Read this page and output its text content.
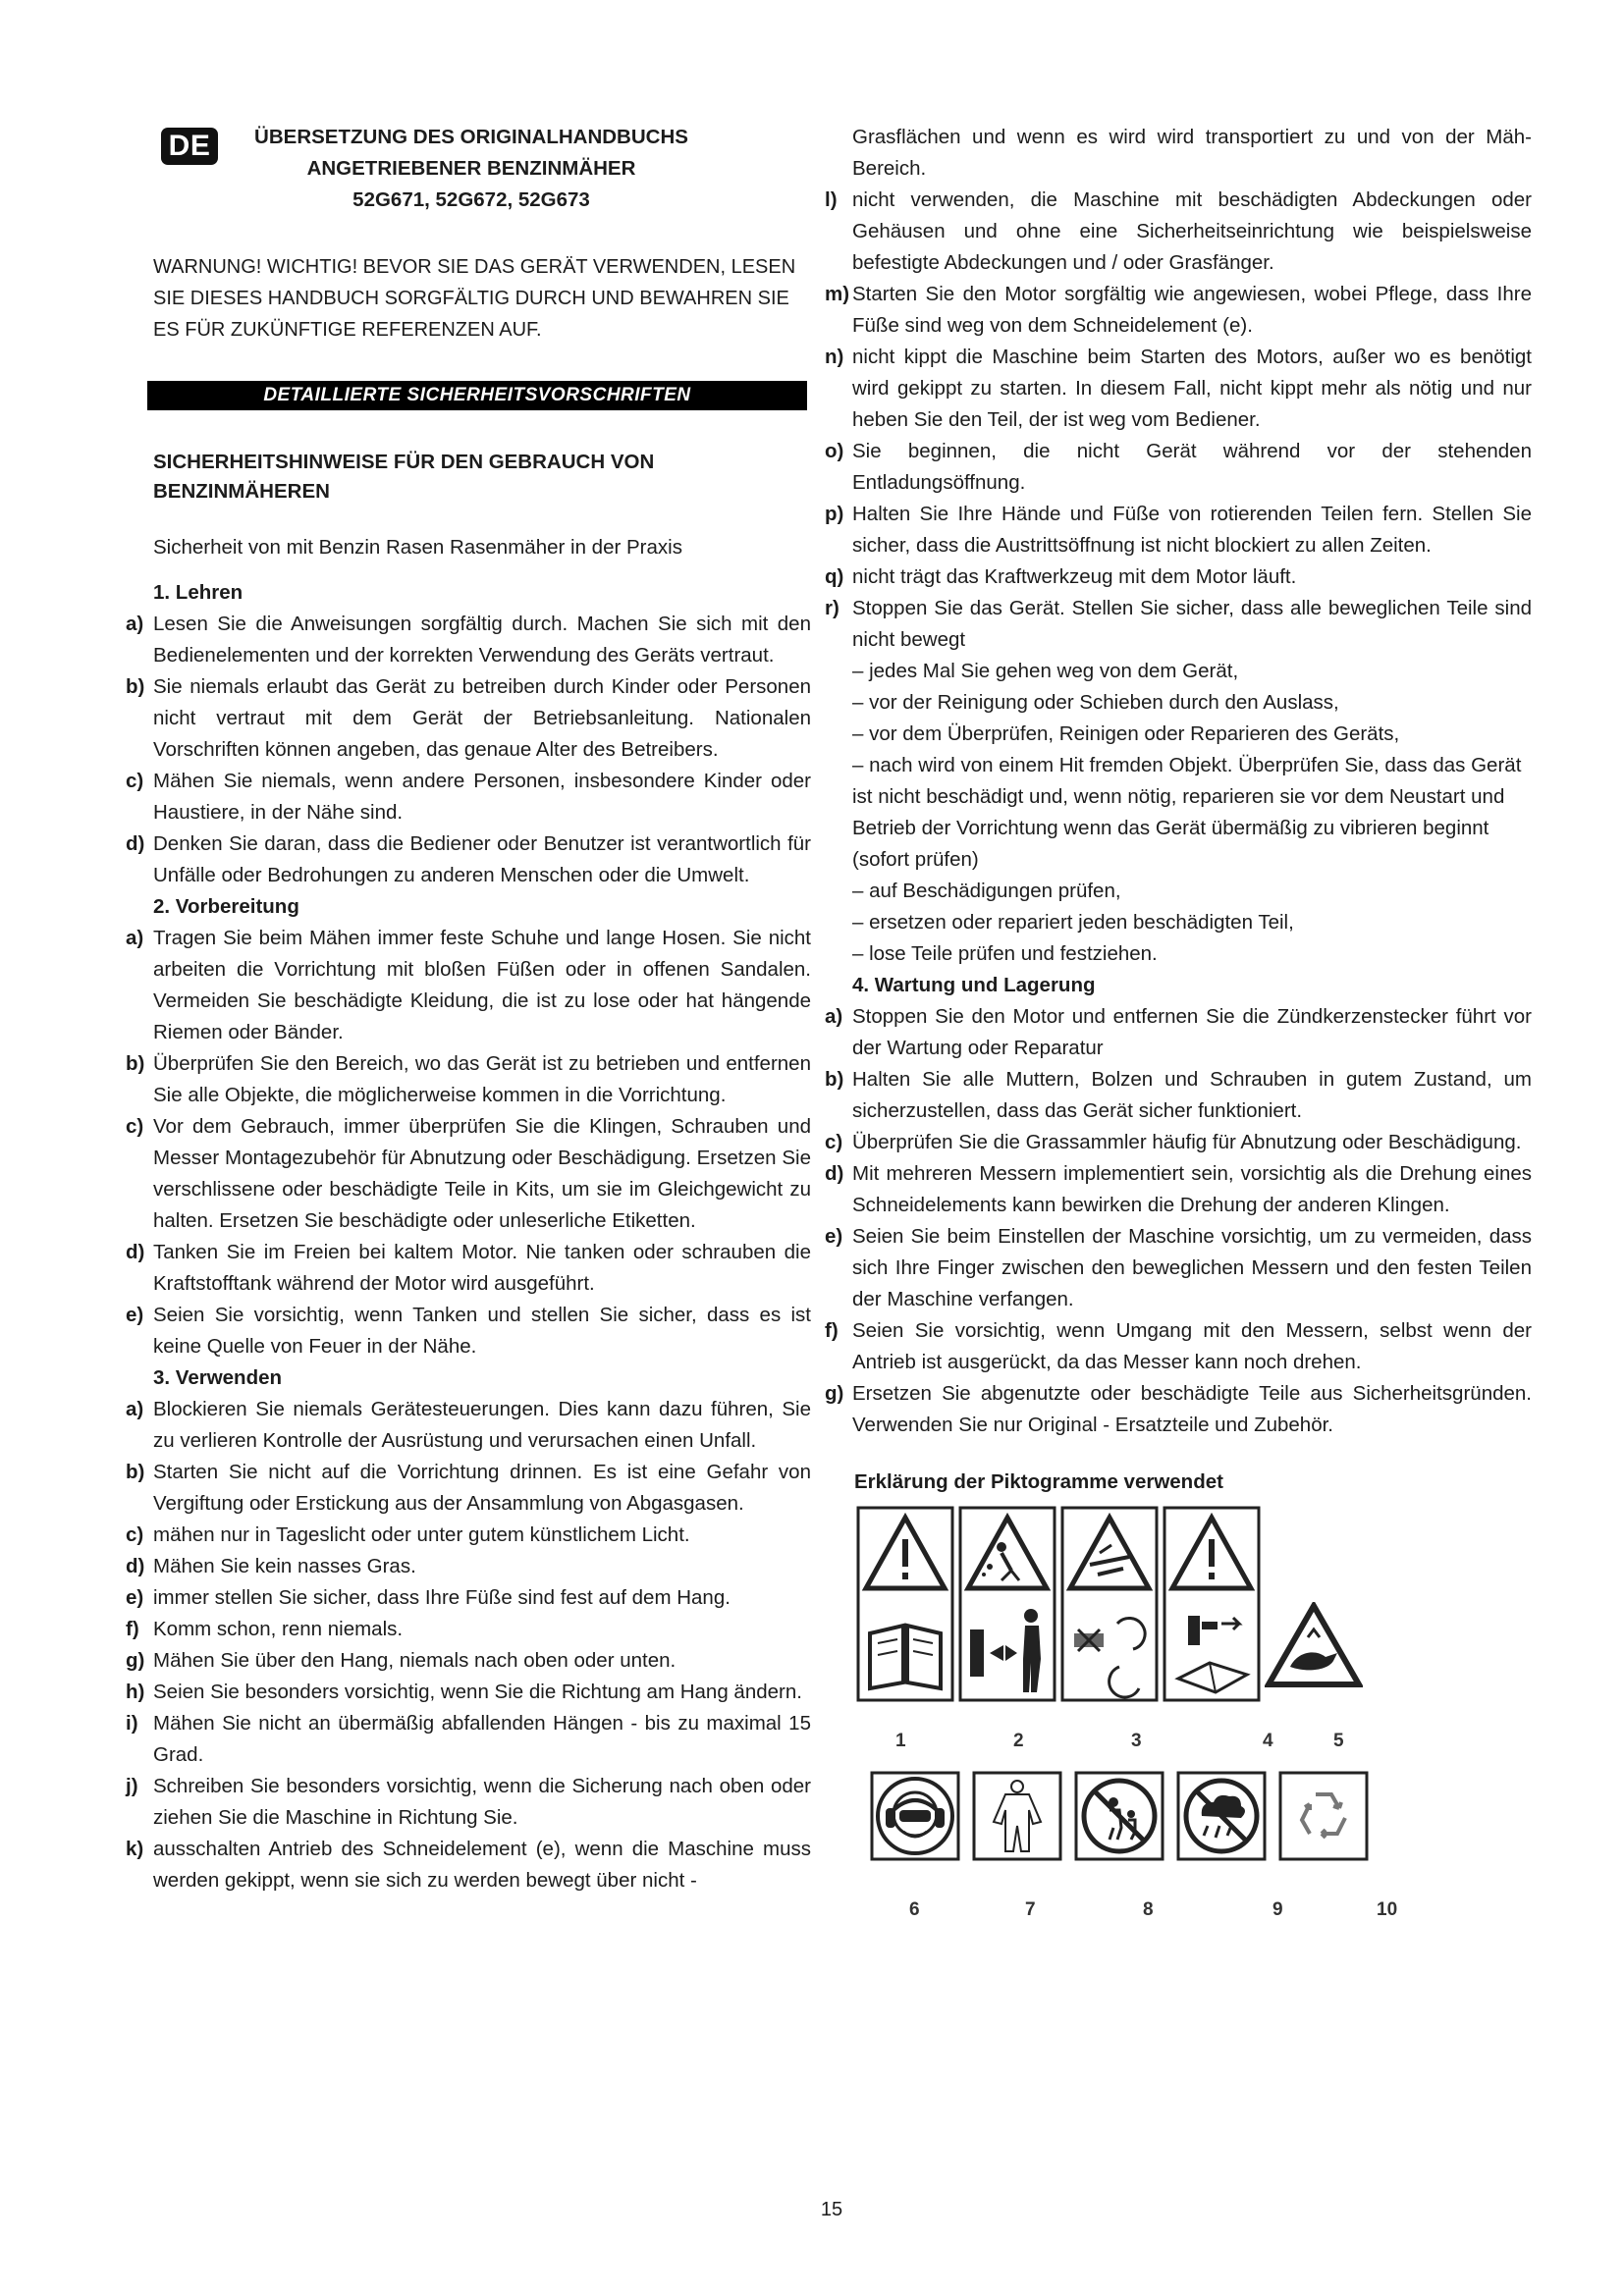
DE	ÜBERSETZUNG DES ORIGINALHANDBUCHS
ANGETRIEBENER BENZINMÄHER
52G671, 52G672, 52G673
WARNUNG! WICHTIG! BEVOR SIE DAS GERÄT VERWENDEN, LESEN SIE DIESES HANDBUCH SORGFÄLTIG DURCH UND BEWAHREN SIE ES FÜR ZUKÜNFTIGE REFERENZEN AUF.
DETAILLIERTE SICHERHEITSVORSCHRIFTEN
SICHERHEITSHINWEISE FÜR DEN GEBRAUCH VON BENZINMÄHEREN
Sicherheit von mit Benzin Rasen Rasenmäher in der Praxis
1. Lehren
a) Lesen Sie die Anweisungen sorgfältig durch. Machen Sie sich mit den Bedienelementen und der korrekten Verwendung des Geräts vertraut.
b) Sie niemals erlaubt das Gerät zu betreiben durch Kinder oder Personen nicht vertraut mit dem Gerät der Betriebsanleitung. Nationalen Vorschriften können angeben, das genaue Alter des Betreibers.
c) Mähen Sie niemals, wenn andere Personen, insbesondere Kinder oder Haustiere, in der Nähe sind.
d) Denken Sie daran, dass die Bediener oder Benutzer ist verantwortlich für Unfälle oder Bedrohungen zu anderen Menschen oder die Umwelt.
2. Vorbereitung
a) Tragen Sie beim Mähen immer feste Schuhe und lange Hosen. Sie nicht arbeiten die Vorrichtung mit bloßen Füßen oder in offenen Sandalen. Vermeiden Sie beschädigte Kleidung, die ist zu lose oder hat hängende Riemen oder Bänder.
b) Überprüfen Sie den Bereich, wo das Gerät ist zu betrieben und entfernen Sie alle Objekte, die möglicherweise kommen in die Vorrichtung.
c) Vor dem Gebrauch, immer überprüfen Sie die Klingen, Schrauben und Messer Montagezubehör für Abnutzung oder Beschädigung. Ersetzen Sie verschlissene oder beschädigte Teile in Kits, um sie im Gleichgewicht zu halten. Ersetzen Sie beschädigte oder unleserliche Etiketten.
d) Tanken Sie im Freien bei kaltem Motor. Nie tanken oder schrauben die Kraftstofftank während der Motor wird ausgeführt.
e) Seien Sie vorsichtig, wenn Tanken und stellen Sie sicher, dass es ist keine Quelle von Feuer in der Nähe.
3. Verwenden
a) Blockieren Sie niemals Gerätesteuerungen. Dies kann dazu führen, Sie zu verlieren Kontrolle der Ausrüstung und verursachen einen Unfall.
b) Starten Sie nicht auf die Vorrichtung drinnen. Es ist eine Gefahr von Vergiftung oder Erstickung aus der Ansammlung von Abgasgasen.
c) mähen nur in Tageslicht oder unter gutem künstlichem Licht.
d) Mähen Sie kein nasses Gras.
e) immer stellen Sie sicher, dass Ihre Füße sind fest auf dem Hang.
f) Komm schon, renn niemals.
g) Mähen Sie über den Hang, niemals nach oben oder unten.
h) Seien Sie besonders vorsichtig, wenn Sie die Richtung am Hang ändern.
i) Mähen Sie nicht an übermäßig abfallenden Hängen - bis zu maximal 15 Grad.
j) Schreiben Sie besonders vorsichtig, wenn die Sicherung nach oben oder ziehen Sie die Maschine in Richtung Sie.
k) ausschalten Antrieb des Schneidelement (e), wenn die Maschine muss werden gekippt, wenn sie sich zu werden bewegt über nicht -
Grasflächen und wenn es wird wird transportiert zu und von der Mäh- Bereich.
l) nicht verwenden, die Maschine mit beschädigten Abdeckungen oder Gehäusen und ohne eine Sicherheitseinrichtung wie beispielsweise befestigte Abdeckungen und / oder Grasfänger.
m) Starten Sie den Motor sorgfältig wie angewiesen, wobei Pflege, dass Ihre Füße sind weg von dem Schneidelement (e).
n) nicht kippt die Maschine beim Starten des Motors, außer wo es benötigt wird gekippt zu starten. In diesem Fall, nicht kippt mehr als nötig und nur heben Sie den Teil, der ist weg vom Bediener.
o) Sie beginnen, die nicht Gerät während vor der stehenden Entladungsöffnung.
p) Halten Sie Ihre Hände und Füße von rotierenden Teilen fern. Stellen Sie sicher, dass die Austrittsöffnung ist nicht blockiert zu allen Zeiten.
q) nicht trägt das Kraftwerkzeug mit dem Motor läuft.
r) Stoppen Sie das Gerät. Stellen Sie sicher, dass alle beweglichen Teile sind nicht bewegt
– jedes Mal Sie gehen weg von dem Gerät,
– vor der Reinigung oder Schieben durch den Auslass,
– vor dem Überprüfen, Reinigen oder Reparieren des Geräts,
– nach wird von einem Hit fremden Objekt. Überprüfen Sie, dass das Gerät ist nicht beschädigt und, wenn nötig, reparieren sie vor dem Neustart und Betrieb der Vorrichtung wenn das Gerät übermäßig zu vibrieren beginnt (sofort prüfen)
– auf Beschädigungen prüfen,
– ersetzen oder repariert jeden beschädigten Teil,
– lose Teile prüfen und festziehen.
4. Wartung und Lagerung
a) Stoppen Sie den Motor und entfernen Sie die Zündkerzenstecker führt vor der Wartung oder Reparatur
b) Halten Sie alle Muttern, Bolzen und Schrauben in gutem Zustand, um sicherzustellen, dass das Gerät sicher funktioniert.
c) Überprüfen Sie die Grassammler häufig für Abnutzung oder Beschädigung.
d) Mit mehreren Messern implementiert sein, vorsichtig als die Drehung eines Schneidelements kann bewirken die Drehung der anderen Klingen.
e) Seien Sie beim Einstellen der Maschine vorsichtig, um zu vermeiden, dass sich Ihre Finger zwischen den beweglichen Messern und den festen Teilen der Maschine verfangen.
f) Seien Sie vorsichtig, wenn Umgang mit den Messern, selbst wenn der Antrieb ist ausgerückt, da das Messer kann noch drehen.
g) Ersetzen Sie abgenutzte oder beschädigte Teile aus Sicherheitsgründen. Verwenden Sie nur Original - Ersatzteile und Zubehör.
Erklärung der Piktogramme verwendet
1	2	3	4	5
6	7	8	9	10
15
